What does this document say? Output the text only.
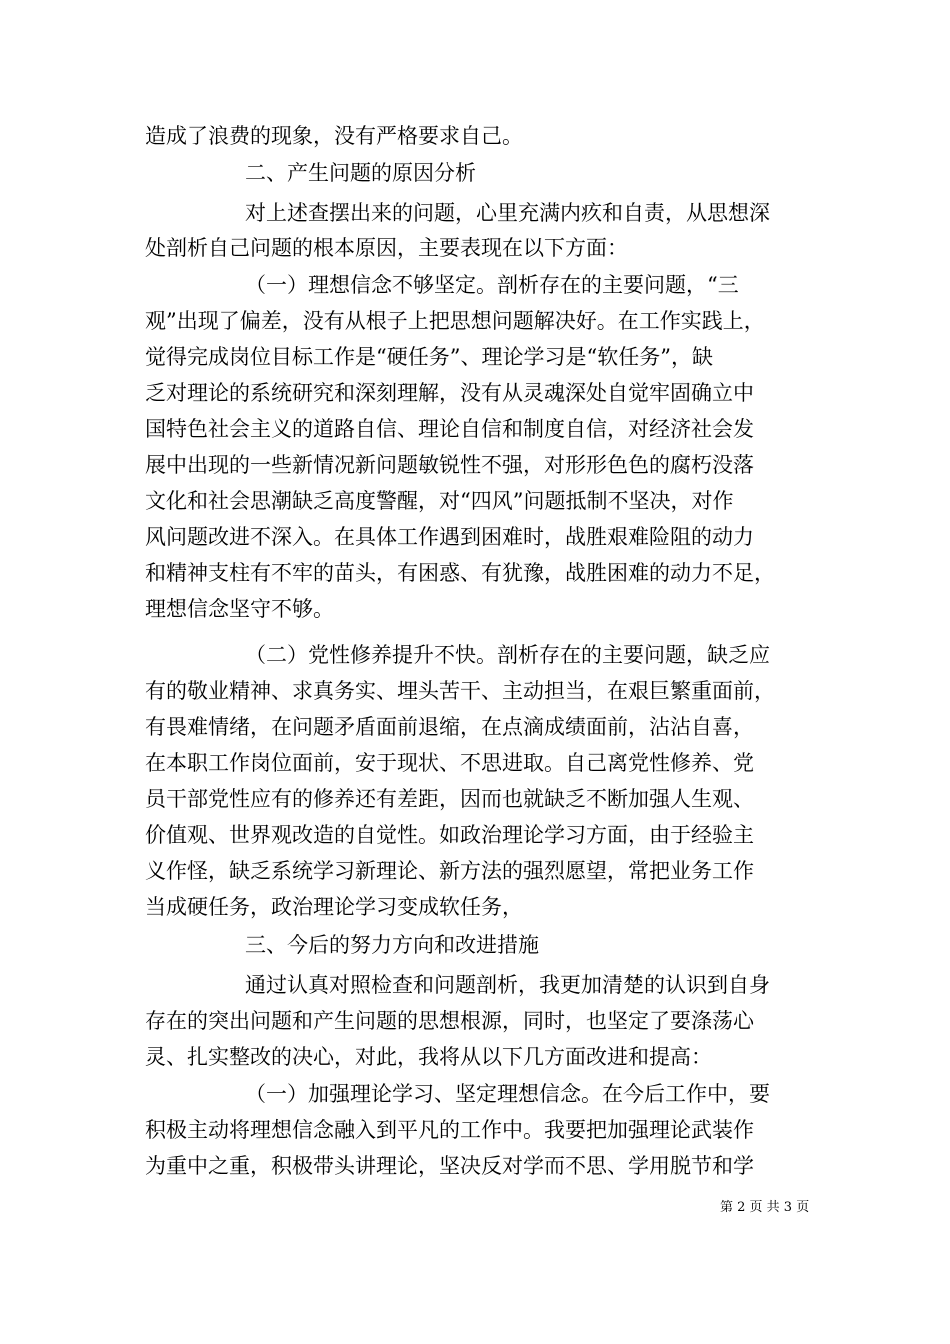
造成了浪费的现象，没有严格要求自己。
二、产生问题的原因分析
对上述查摆出来的问题，心里充满内疚和自责，从思想深
处剖析自己问题的根本原因，主要表现在以下方面：
（一）理想信念不够坚定。剖析存在的主要问题，“三
观”出现了偏差，没有从根子上把思想问题解决好。在工作实践上，
觉得完成岗位目标工作是“硬任务”、理论学习是“软任务”，缺
乏对理论的系统研究和深刻理解，没有从灵魂深处自觉牢固确立中
国特色社会主义的道路自信、理论自信和制度自信，对经济社会发
展中出现的一些新情况新问题敏锐性不强，对形形色色的腐朽没落
文化和社会思潮缺乏高度警醒，对“四风”问题抵制不坚决，对作
风问题改进不深入。在具体工作遇到困难时，战胜艰难险阻的动力
和精神支柱有不牢的苗头，有困惑、有犹豫，战胜困难的动力不足，
理想信念坚守不够。
（二）党性修养提升不快。剖析存在的主要问题，缺乏应
有的敬业精神、求真务实、埋头苦干、主动担当，在艰巨繁重面前，
有畏难情绪，在问题矛盾面前退缩，在点滴成绩面前，沾沾自喜，
在本职工作岗位面前，安于现状、不思进取。自己离党性修养、党
员干部党性应有的修养还有差距，因而也就缺乏不断加强人生观、
价值观、世界观改造的自觉性。如政治理论学习方面，由于经验主
义作怪，缺乏系统学习新理论、新方法的强烈愿望，常把业务工作
当成硬任务，政治理论学习变成软任务，
三、今后的努力方向和改进措施
通过认真对照检查和问题剖析，我更加清楚的认识到自身
存在的突出问题和产生问题的思想根源，同时，也坚定了要涤荡心
灵、扎实整改的决心，对此，我将从以下几方面改进和提高：
（一）加强理论学习、坚定理想信念。在今后工作中，要
积极主动将理想信念融入到平凡的工作中。我要把加强理论武装作
为重中之重，积极带头讲理论，坚决反对学而不思、学用脱节和学
第 2 页 共 3 页
